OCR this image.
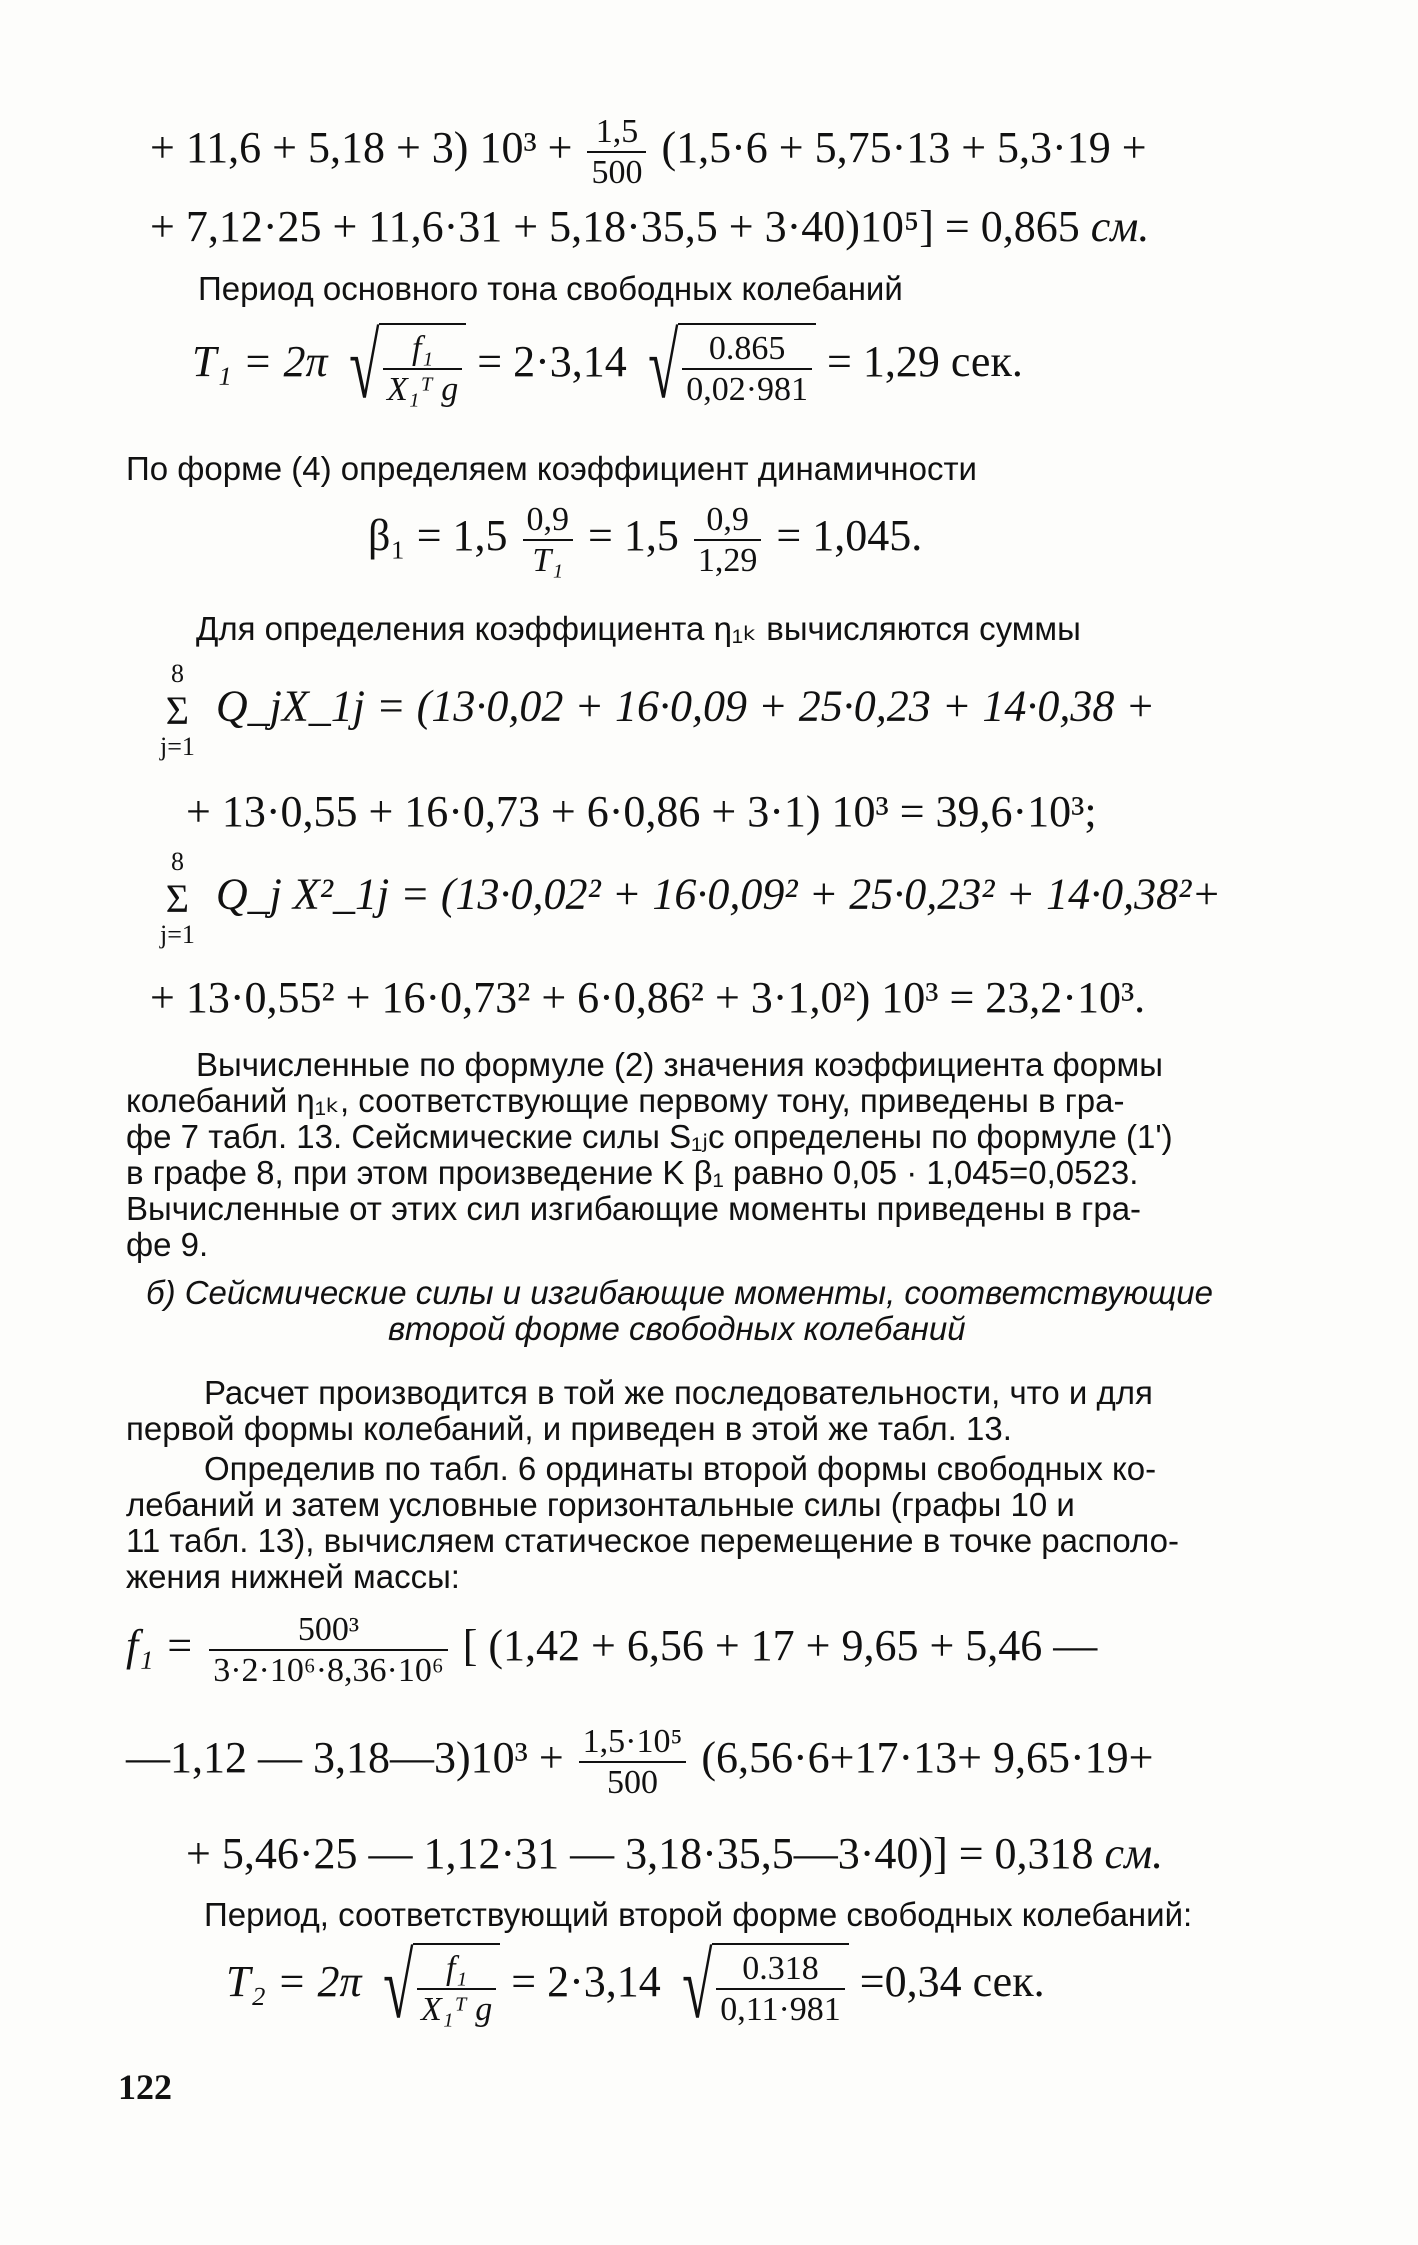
+ 11,6 + 5,18 + 3) $10^3 + \frac{1,5}{500} (1,5\cdot 6 + 5,75\cdot 13 + 5,3\cdot 19$ +
+ 7,12·25 + 11,6·31 + 5,18·35,5 + 3·40)10⁵] = 0,865 см.
Период основного тона свободных колебаний
T₁ = 2π √ $\frac{\text{f₁}}{\text{X₁ᵀ g}} = 2\cdot 3,14$ √ $\frac{0.865}{0,02\cdot 981} = 1,29$ сек.
По форме (4) определяем коэффициент динамичности
$\beta_1 = 1,5 \frac{0,9}{\text{T₁}} = 1,5 \frac{0,9}{1,29} = 1,045$.
Для определения коэффициента η₁ₖ вычисляются суммы
8
Σ
j=1 Q_jX_1j = (13·0,02 + 16·0,09 + 25·0,23 + 14·0,38 +
+ 13·0,55 + 16·0,73 + 6·0,86 + 3·1) 10³ = 39,6·10³;
8
Σ
j=1 Q_j X²_1j = (13·0,02² + 16·0,09² + 25·0,23² + 14·0,38²+
+ 13·0,55² + 16·0,73² + 6·0,86² + 3·1,0²) 10³ = 23,2·10³.
Вычисленные по формуле (2) значения коэффициента формы
колебаний η₁ₖ, соответствующие первому тону, приведены в гра-
фе 7 табл. 13. Сейсмические силы S₁ⱼc определены по формуле (1')
в графе 8, при этом произведение K β₁ равно 0,05 · 1,045=0,0523.
Вычисленные от этих сил изгибающие моменты приведены в гра-
фе 9.
б) Сейсмические силы и изгибающие моменты, соответствующие
второй форме свободных колебаний
Расчет производится в той же последовательности, что и для
первой формы колебаний, и приведен в этой же табл. 13.
Определив по табл. 6 ординаты второй формы свободных ко-
лебаний и затем условные горизонтальные силы (графы 10 и
11 табл. 13), вычисляем статическое перемещение в точке располо-
жения нижней массы:
$f_1 = \frac{\text{500³}}{\text{3·2·10⁶·8,36·10⁶}}$ [ (1,42 + 6,56 + 17 + 9,65 + 5,46 —
—1,12 — 3,18—3)10³ + $\frac{\text{1,5·10⁵}}{500} (6,56\cdot 6+17\cdot 13+ 9,65\cdot 19+$
+ 5,46·25 — 1,12·31 — 3,18·35,5—3·40)] = 0,318 см.
Период, соответствующий второй форме свободных колебаний:
T₂ = 2π √ $\frac{\text{f₁}}{\text{X₁ᵀ g}} = 2\cdot 3,14$ √ $\frac{0.318}{0,11\cdot 981} =0,34$ сек.
122
